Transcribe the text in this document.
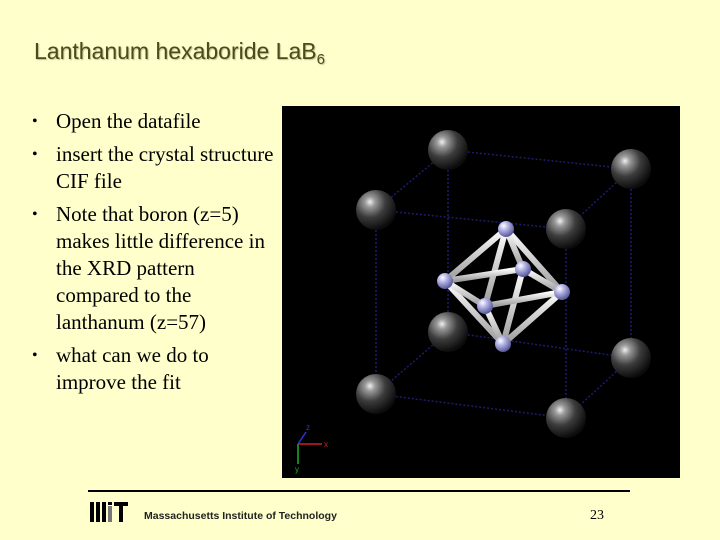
Lanthanum hexaboride LaB$_6$
• Open the datafile
• insert the crystal structure CIF file
• Note that boron (z=5) makes little difference in the XRD pattern compared to the lanthanum (z=57)
• what can we do to improve the fit
x
y
z
Massachusetts Institute of Technology	23
